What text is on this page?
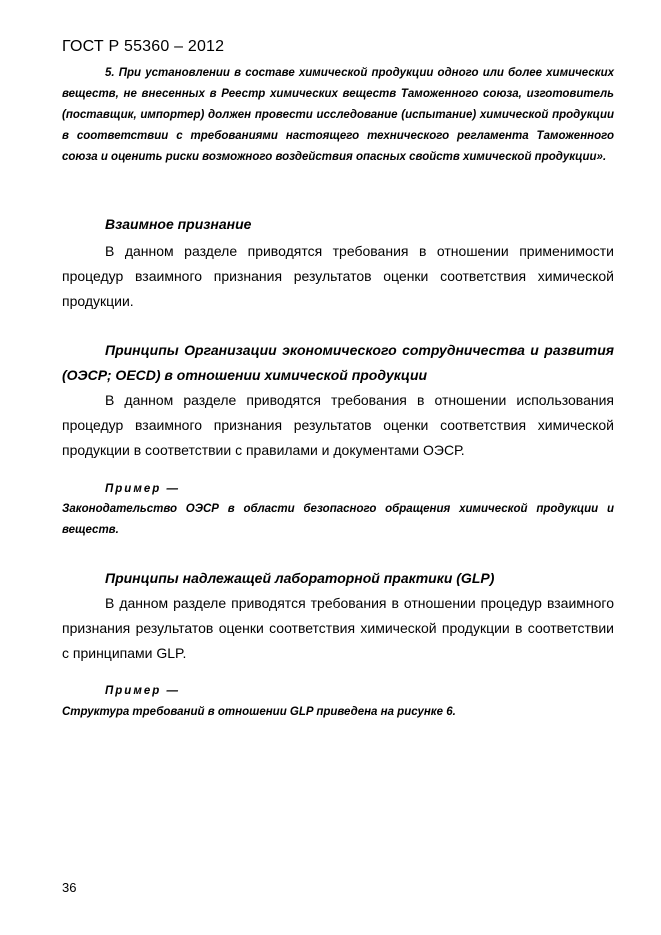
ГОСТ Р 55360 – 2012
5. При установлении в составе химической продукции одного или более химических веществ, не внесенных в Реестр химических веществ Таможенного союза, изготовитель (поставщик, импортер) должен провести исследование (испытание) химической продукции в соответствии с требованиями настоящего технического регламента Таможенного союза и оценить риски возможного воздействия опасных свойств химической продукции».
Взаимное признание
В данном разделе приводятся требования в отношении применимости процедур взаимного признания результатов оценки соответствия химической продукции.
Принципы Организации экономического сотрудничества и развития (ОЭСР; OECD) в отношении химической продукции
В данном разделе приводятся требования в отношении использования процедур взаимного признания результатов оценки соответствия химической продукции в соответствии с правилами и документами ОЭСР.
Пример —
Законодательство ОЭСР в области безопасного обращения химической продукции и веществ.
Принципы надлежащей лабораторной практики (GLP)
В данном разделе приводятся требования в отношении процедур взаимного признания результатов оценки соответствия химической продукции в соответствии с принципами GLP.
Пример —
Структура требований в отношении GLP приведена на рисунке 6.
36
